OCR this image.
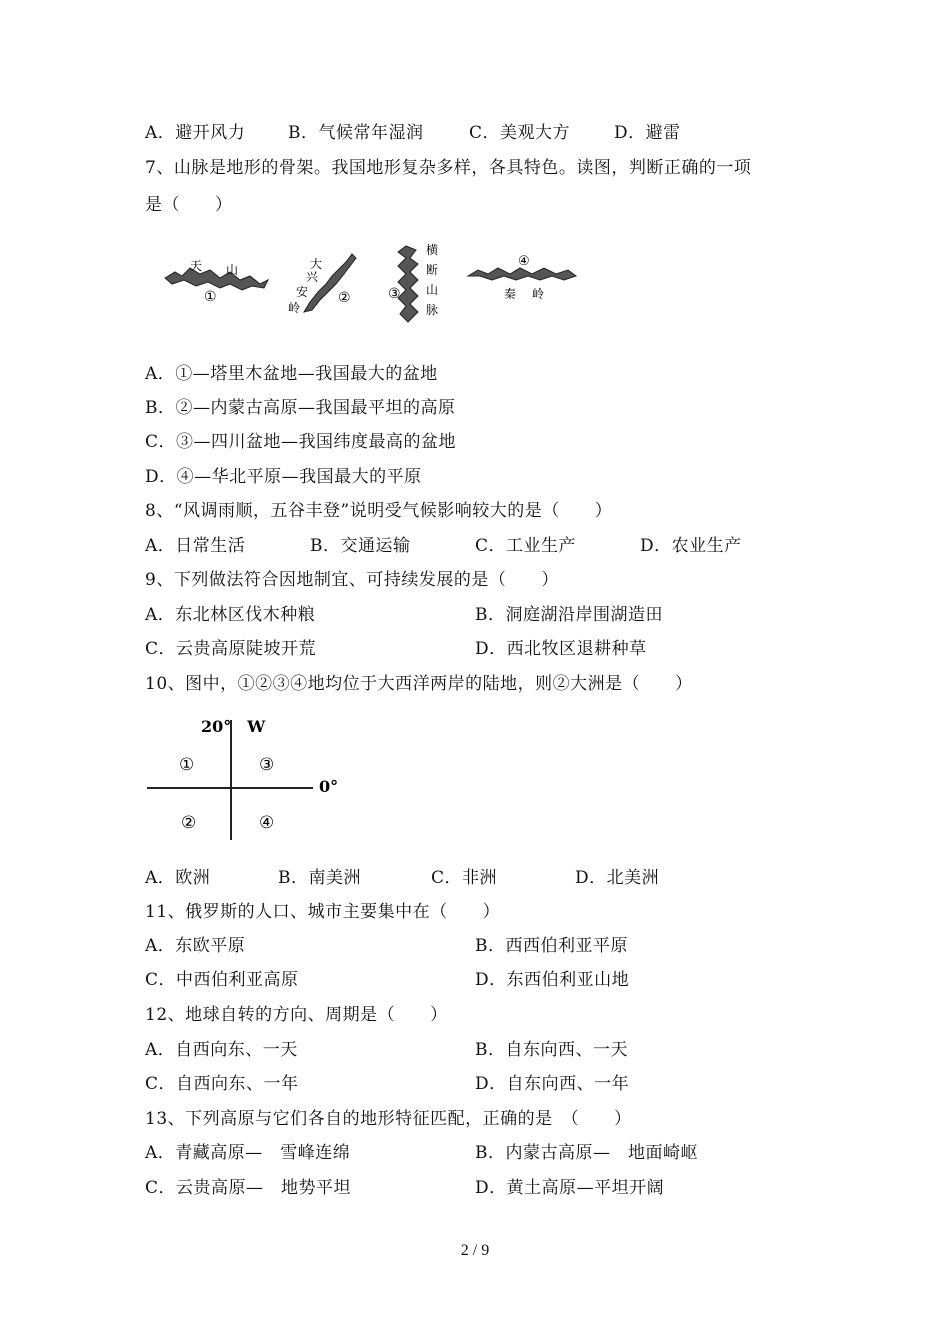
A．避开风力	B．气候常年湿润	C．美观大方	D．避雷
7、山脉是地形的骨架。我国地形复杂多样，各具特色。读图，判断正确的一项
是（　　）
天 山
①
大
兴
安
岭
②
横
断
山
脉
③
④
秦 岭
A．①—塔里木盆地—我国最大的盆地
B．②—内蒙古高原—我国最平坦的高原
C．③—四川盆地—我国纬度最高的盆地
D．④—华北平原—我国最大的平原
8、“风调雨顺，五谷丰登”说明受气候影响较大的是（　　）
A．日常生活	B．交通运输	C．工业生产	D．农业生产
9、下列做法符合因地制宜、可持续发展的是（　　）
A．东北林区伐木种粮	B．洞庭湖沿岸围湖造田
C．云贵高原陡坡开荒	D．西北牧区退耕种草
10、图中，①②③④地均位于大西洋两岸的陆地，则②大洲是（　　）
20°　W
0°
①	③
②	④
A．欧洲	B．南美洲	C．非洲	D．北美洲
11、俄罗斯的人口、城市主要集中在（　　）
A．东欧平原	B．西西伯利亚平原
C．中西伯利亚高原	D．东西伯利亚山地
12、地球自转的方向、周期是（　　）
A．自西向东、一天	B．自东向西、一天
C．自西向东、一年	D．自东向西、一年
13、下列高原与它们各自的地形特征匹配，正确的是　（　　）
A．青藏高原—　雪峰连绵	B．内蒙古高原—　地面崎岖
C．云贵高原—　地势平坦	D．黄土高原—平坦开阔
2 / 9
